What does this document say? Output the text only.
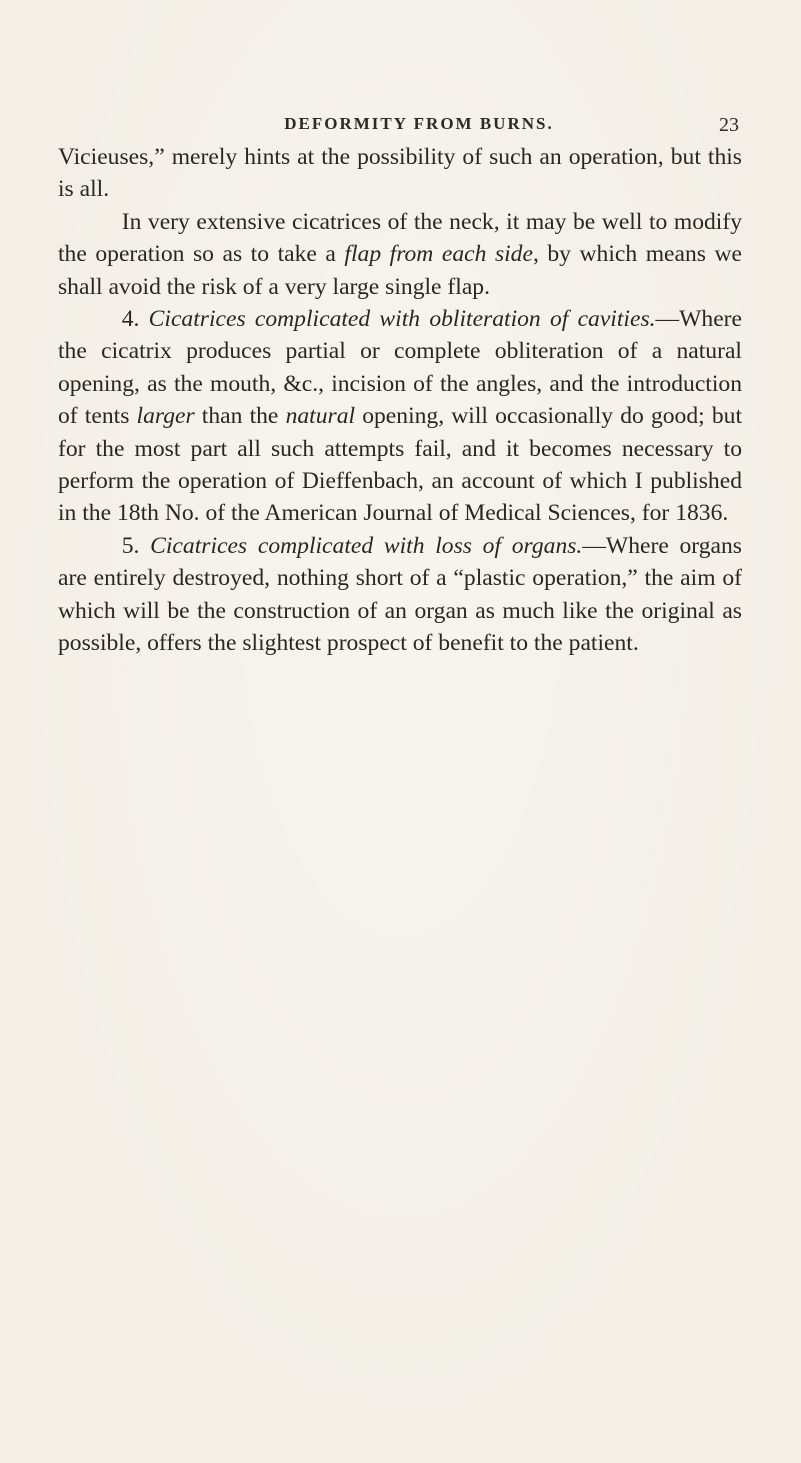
DEFORMITY FROM BURNS.	23

Vicieuses,” merely hints at the possibility of such an operation, but this is all.

In very extensive cicatrices of the neck, it may be well to modify the operation so as to take a flap from each side, by which means we shall avoid the risk of a very large single flap.

4. Cicatrices complicated with obliteration of cavities.—Where the cicatrix produces partial or complete obliteration of a natural opening, as the mouth, &c., incision of the angles, and the introduction of tents larger than the natural opening, will occasionally do good; but for the most part all such attempts fail, and it becomes necessary to perform the operation of Dieffenbach, an account of which I published in the 18th No. of the American Journal of Medical Sciences, for 1836.

5. Cicatrices complicated with loss of organs.—Where organs are entirely destroyed, nothing short of a “plastic operation,” the aim of which will be the construction of an organ as much like the original as possible, offers the slightest prospect of benefit to the patient.
